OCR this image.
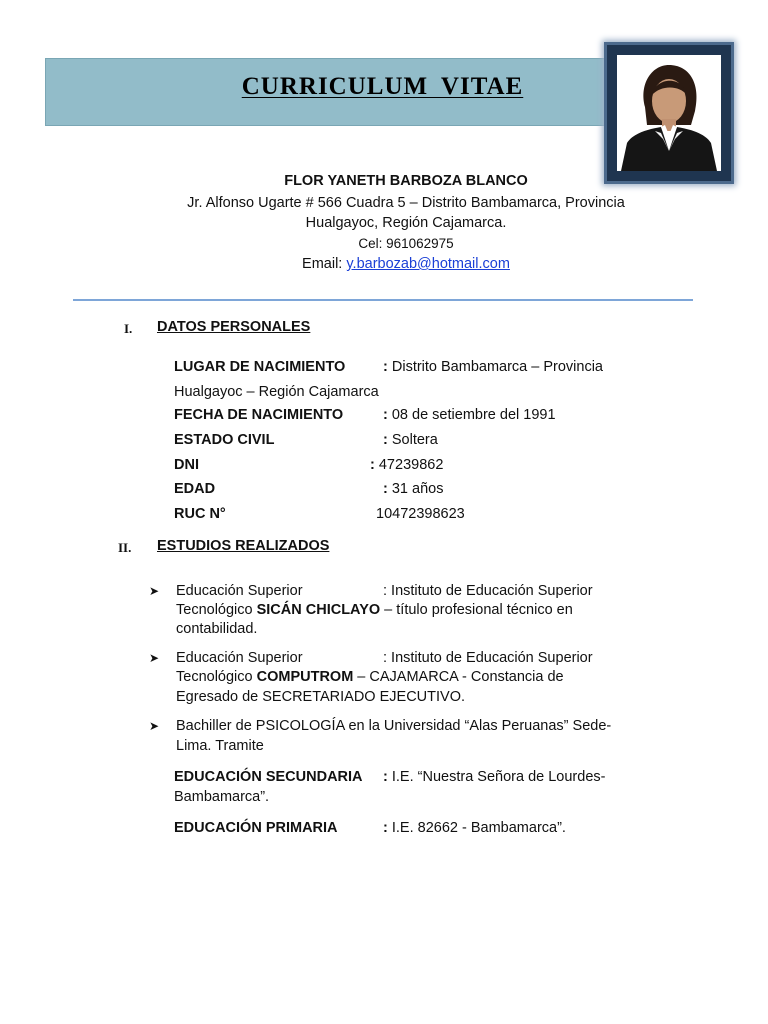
CURRICULUM VITAE
FLOR YANETH BARBOZA BLANCO
Jr. Alfonso Ugarte # 566 Cuadra 5 – Distrito Bambamarca, Provincia
Hualgayoc, Región Cajamarca.
Cel: 961062975
Email: y.barbozab@hotmail.com
I. DATOS PERSONALES
LUGAR DE NACIMIENTO	: Distrito Bambamarca – Provincia
Hualgayoc – Región Cajamarca
FECHA DE NACIMIENTO	: 08 de setiembre del 1991
ESTADO CIVIL	: Soltera
DNI	: 47239862
EDAD	: 31 años
RUC N°	10472398623
II. ESTUDIOS REALIZADOS
➤ Educación Superior	: Instituto de Educación Superior
Tecnológico SICÁN CHICLAYO – título profesional técnico en
contabilidad.
➤ Educación Superior	: Instituto de Educación Superior
Tecnológico COMPUTROM – CAJAMARCA - Constancia de
Egresado de SECRETARIADO EJECUTIVO.
➤ Bachiller de PSICOLOGÍA en la Universidad “Alas Peruanas” Sede-
Lima. Tramite
EDUCACIÓN SECUNDARIA : I.E. “Nuestra Señora de Lourdes-
Bambamarca”.
EDUCACIÓN PRIMARIA	: I.E. 82662 - Bambamarca”.
